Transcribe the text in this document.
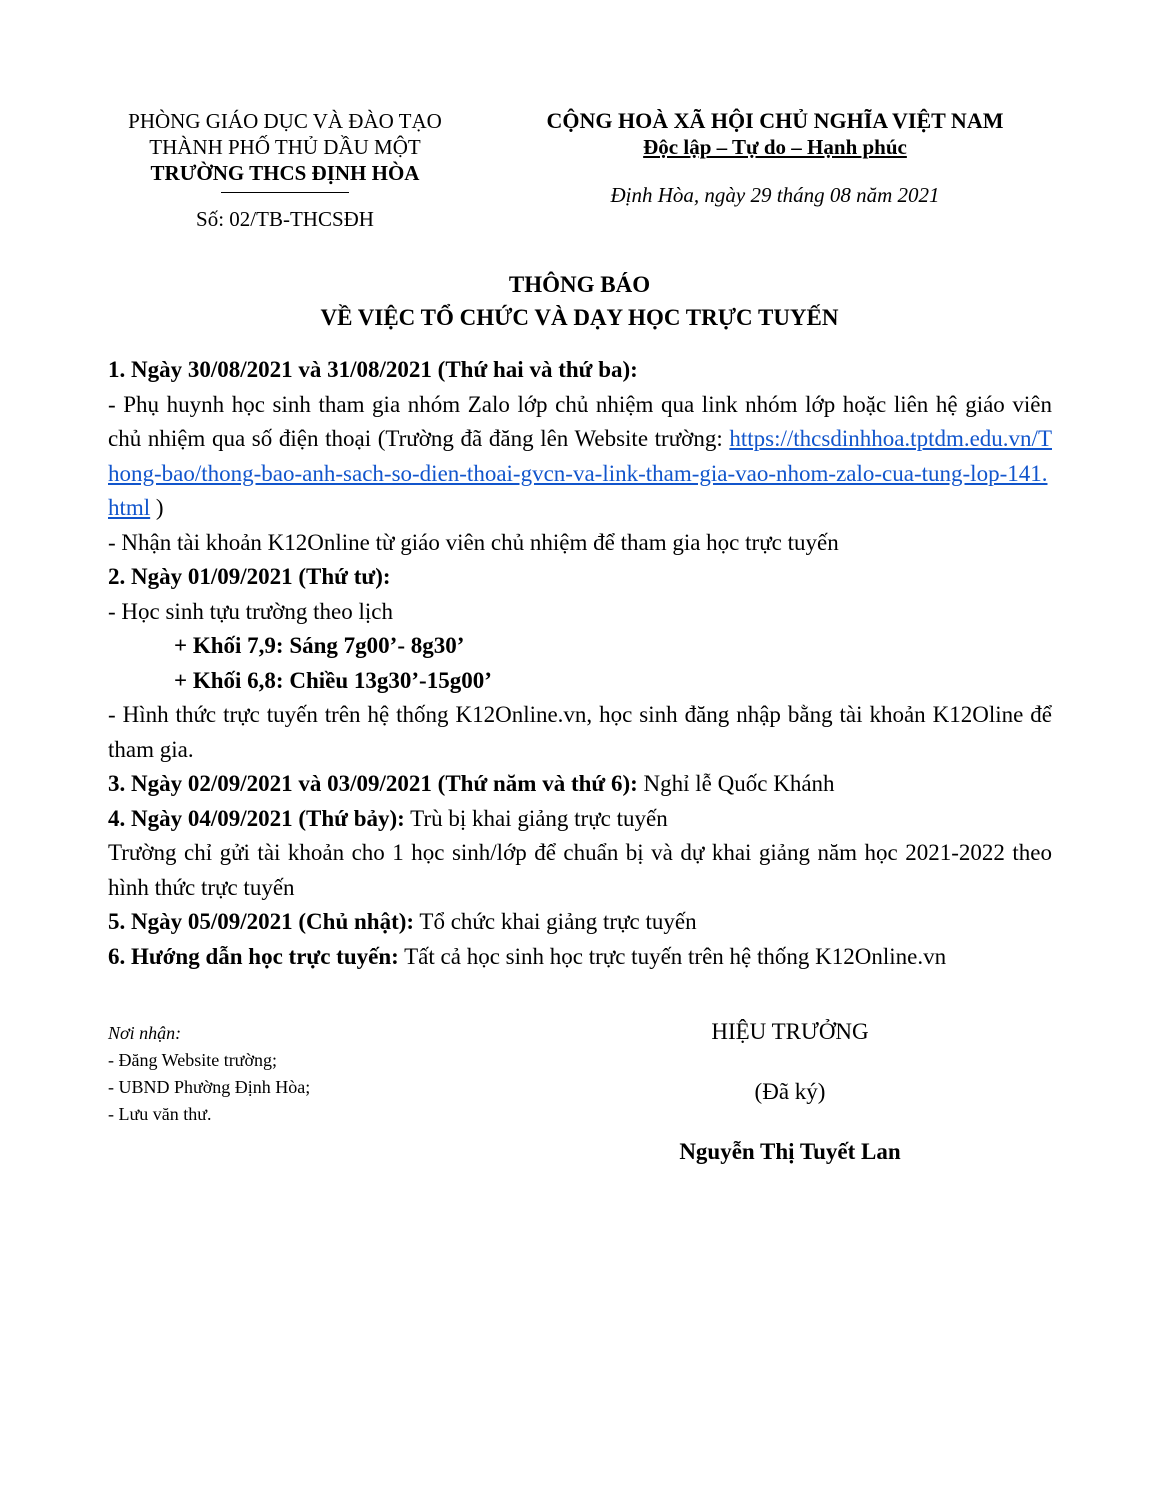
PHÒNG GIÁO DỤC VÀ ĐÀO TẠO
THÀNH PHỐ THỦ DẦU MỘT
TRƯỜNG THCS ĐỊNH HÒA
Số: 02/TB-THCSĐH
CỘNG HOÀ XÃ HỘI CHỦ NGHĨA VIỆT NAM
Độc lập – Tự do – Hạnh phúc
Định Hòa, ngày 29 tháng 08 năm 2021
THÔNG BÁO
VỀ VIỆC TỔ CHỨC VÀ DẠY HỌC TRỰC TUYẾN

1. Ngày 30/08/2021 và 31/08/2021 (Thứ hai và thứ ba):

- Phụ huynh học sinh tham gia nhóm Zalo lớp chủ nhiệm qua link nhóm lớp hoặc liên hệ giáo viên chủ nhiệm qua số điện thoại (Trường đã đăng lên Website trường: https://thcsdinhhoa.tptdm.edu.vn/Thong-bao/thong-bao-anh-sach-so-dien-thoai-gvcn-va-link-tham-gia-vao-nhom-zalo-cua-tung-lop-141.html )

- Nhận tài khoản K12Online từ giáo viên chủ nhiệm để tham gia học trực tuyến

2. Ngày 01/09/2021 (Thứ tư):

- Học sinh tựu trường theo lịch

+ Khối 7,9: Sáng 7g00’- 8g30’

+ Khối 6,8: Chiều 13g30’-15g00’

- Hình thức trực tuyến trên hệ thống K12Online.vn, học sinh đăng nhập bằng tài khoản K12Oline để tham gia.

3. Ngày 02/09/2021 và 03/09/2021 (Thứ năm và thứ 6): Nghỉ lễ Quốc Khánh

4. Ngày 04/09/2021 (Thứ bảy): Trù bị khai giảng trực tuyến

Trường chỉ gửi tài khoản cho 1 học sinh/lớp để chuẩn bị và dự khai giảng năm học 2021-2022 theo hình thức trực tuyến

5. Ngày 05/09/2021 (Chủ nhật): Tổ chức khai giảng trực tuyến

6. Hướng dẫn học trực tuyến: Tất cả học sinh học trực tuyến trên hệ thống K12Online.vn

Nơi nhận:
- Đăng Website trường;
- UBND Phường Định Hòa;
- Lưu văn thư.
HIỆU TRƯỞNG
(Đã ký)
Nguyễn Thị Tuyết Lan
